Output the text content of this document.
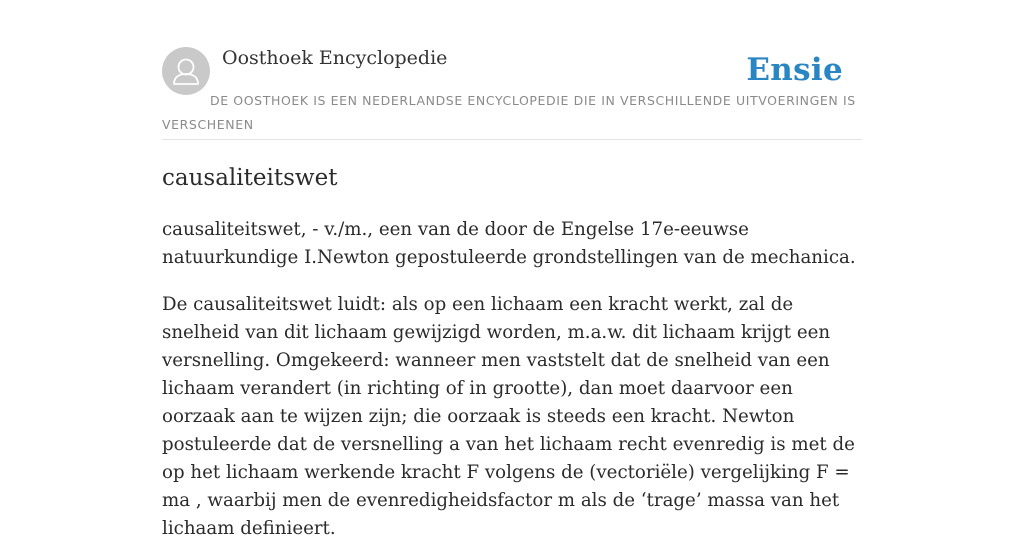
Oosthoek Encyclopedie	Ensie
DE OOSTHOEK IS EEN NEDERLANDSE ENCYCLOPEDIE DIE IN VERSCHILLENDE UITVOERINGEN IS VERSCHENEN
causaliteitswet

causaliteitswet, - v./m., een van de door de Engelse 17e-eeuwse natuurkundige I.Newton gepostuleerde grondstellingen van de mechanica.

De causaliteitswet luidt: als op een lichaam een kracht werkt, zal de snelheid van dit lichaam gewijzigd worden, m.a.w. dit lichaam krijgt een versnelling. Omgekeerd: wanneer men vaststelt dat de snelheid van een lichaam verandert (in richting of in grootte), dan moet daarvoor een oorzaak aan te wijzen zijn; die oorzaak is steeds een kracht. Newton postuleerde dat de versnelling a van het lichaam recht evenredig is met de op het lichaam werkende kracht F volgens de (vectoriële) vergelijking F = ma , waarbij men de evenredigheidsfactor m als de ‘trage’ massa van het lichaam definieert.
